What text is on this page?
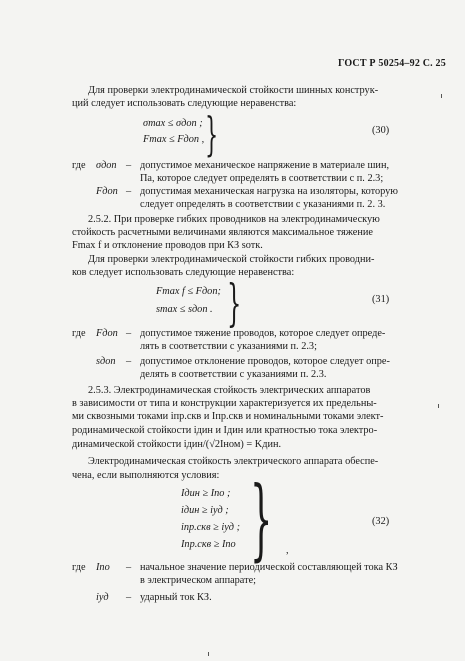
ГОСТ Р 50254–92 С. 25
Для проверки электродинамической стойкости шинных конструк-
ций следует использовать следующие неравенства:
σmax ≤ σдоп ;
Fmax ≤ Fдоп , }	(30)
где σдоп – допустимое механическое напряжение в материале шин,
Па, которое следует определять в соответствии с п. 2.3;
Fдоп – допустимая механическая нагрузка на изоляторы, которую
следует определять в соответствии с указаниями п. 2. 3.
2.5.2. При проверке гибких проводников на электродинамическую
стойкость расчетными величинами являются максимальное тяжение
Fmax f и отклонение проводов при КЗ sотк.
Для проверки электродинамической стойкости гибких проводни-
ков следует использовать следующие неравенства:
Fmax f ≤ Fдоп;
smax ≤ sдоп . }	(31)
где Fдоп – допустимое тяжение проводов, которое следует опреде-
лять в соответствии с указаниями п. 2.3;
sдоп – допустимое отклонение проводов, которое следует опре-
делять в соответствии с указаниями п. 2.3.
2.5.3. Электродинамическая стойкость электрических аппаратов
в зависимости от типа и конструкции характеризуется их предельны-
ми сквозными токами iпр.скв и Iпр.скв и номинальными токами элект-
родинамической стойкости iдин и Iдин или кратностью тока электро-
динамической стойкости iдин/(√2Iном) = Kдин.
Электродинамическая стойкость электрического аппарата обеспе-
чена, если выполняются условия:
Iдин ≥ Iпо ;
iдин ≥ iуд ;
iпр.скв ≥ iуд ;
Iпр.скв ≥ Iпо } ,
(32)
где Iпо – начальное значение периодической составляющей тока КЗ
в электрическом аппарате;
iуд – ударный ток КЗ.
